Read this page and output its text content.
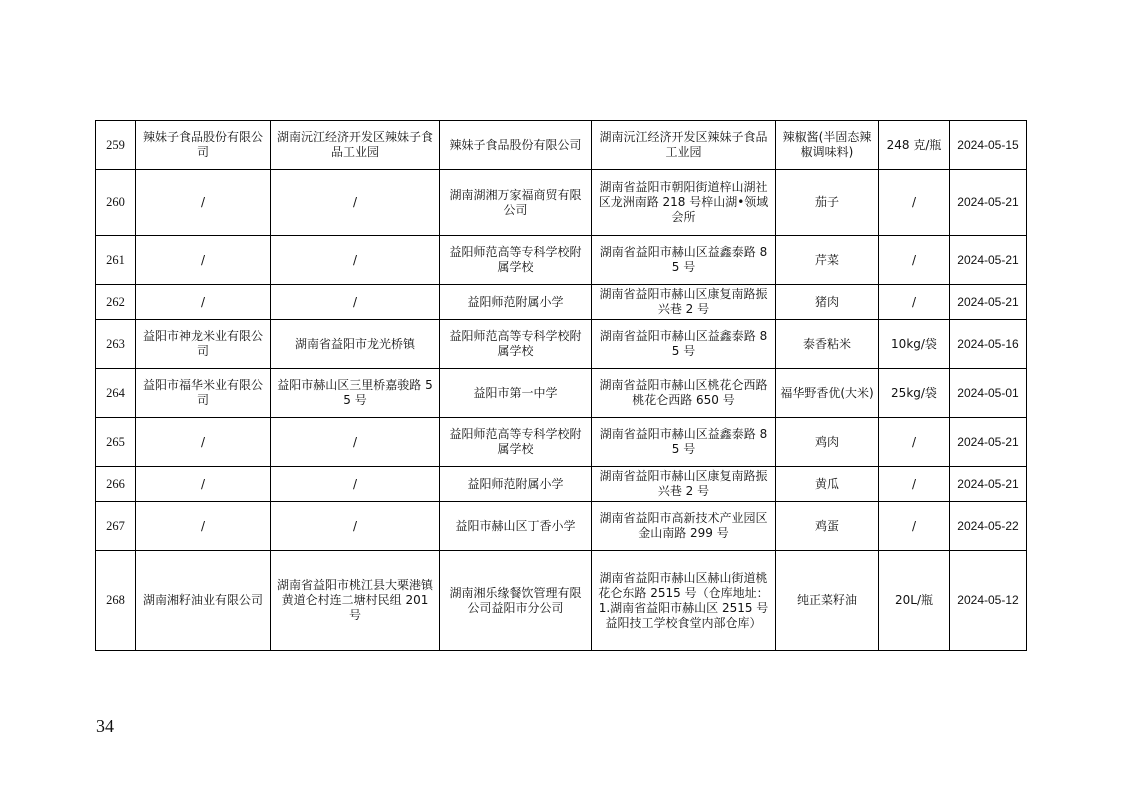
259	辣妹子食品股份有限公司	湖南沅江经济开发区辣妹子食品工业园	辣妹子食品股份有限公司	湖南沅江经济开发区辣妹子食品工业园	辣椒酱(半固态辣椒调味料)	248 克/瓶	2024-05-15
260	/	/	湖南湖湘万家福商贸有限公司	湖南省益阳市朝阳街道梓山湖社区龙洲南路 218 号梓山湖•领域会所	茄子	/	2024-05-21
261	/	/	益阳师范高等专科学校附属学校	湖南省益阳市赫山区益鑫泰路 85 号	芹菜	/	2024-05-21
262	/	/	益阳师范附属小学	湖南省益阳市赫山区康复南路振兴巷 2 号	猪肉	/	2024-05-21
263	益阳市神龙米业有限公司	湖南省益阳市龙光桥镇	益阳师范高等专科学校附属学校	湖南省益阳市赫山区益鑫泰路 85 号	泰香粘米	10kg/袋	2024-05-16
264	益阳市福华米业有限公司	益阳市赫山区三里桥嘉骏路 55 号	益阳市第一中学	湖南省益阳市赫山区桃花仑西路桃花仑西路 650 号	福华野香优(大米)	25kg/袋	2024-05-01
265	/	/	益阳师范高等专科学校附属学校	湖南省益阳市赫山区益鑫泰路 85 号	鸡肉	/	2024-05-21
266	/	/	益阳师范附属小学	湖南省益阳市赫山区康复南路振兴巷 2 号	黄瓜	/	2024-05-21
267	/	/	益阳市赫山区丁香小学	湖南省益阳市高新技术产业园区金山南路 299 号	鸡蛋	/	2024-05-22
268	湖南湘籽油业有限公司	湖南省益阳市桃江县大栗港镇黄道仑村连二塘村民组 201 号	湖南湘乐缘餐饮管理有限公司益阳市分公司	湖南省益阳市赫山区赫山街道桃花仑东路 2515 号（仓库地址：1.湖南省益阳市赫山区 2515 号益阳技工学校食堂内部仓库）	纯正菜籽油	20L/瓶	2024-05-12
34
